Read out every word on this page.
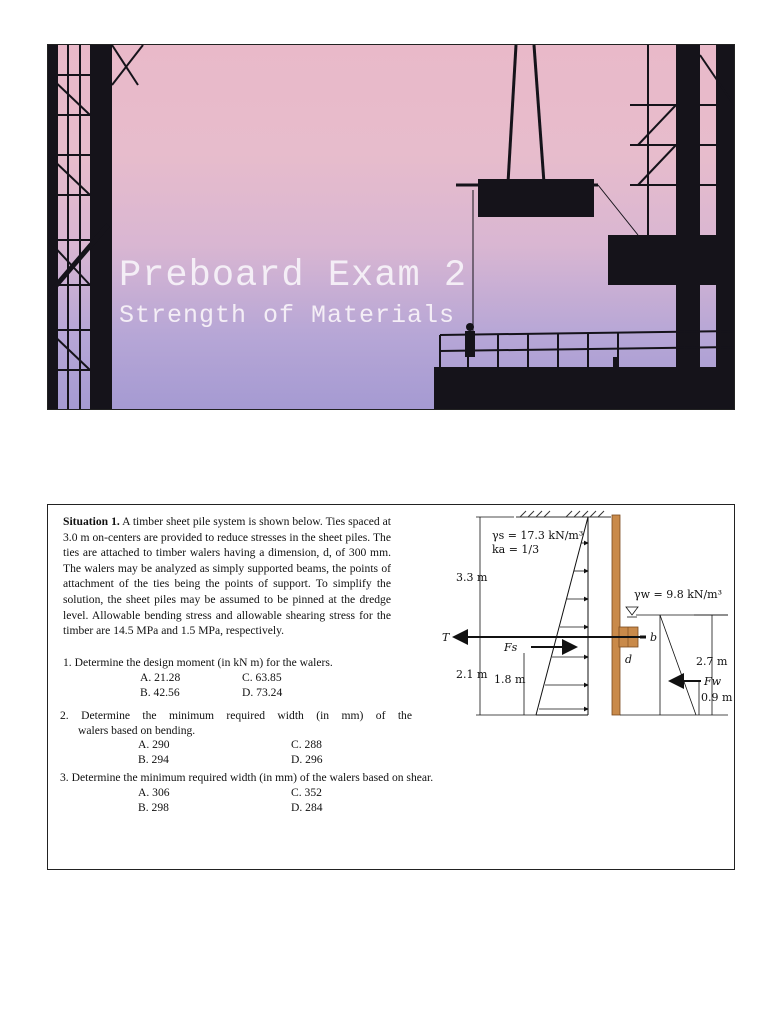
Preboard Exam 2
Strength of Materials
Situation 1. A timber sheet pile system is shown below. Ties spaced at 3.0 m on-centers are provided to reduce stresses in the sheet piles. The ties are attached to timber walers having a dimension, d, of 300 mm. The walers may be analyzed as simply supported beams, the points of attachment of the ties being the points of support. To simplify the solution, the sheet piles may be assumed to be pinned at the dredge level. Allowable bending stress and allowable shearing stress for the timber are 14.5 MPa and 1.5 MPa, respectively.
1. Determine the design moment (in kN m) for the walers.
A. 21.28	C. 63.85
B. 42.56	D. 73.24
2. Determine the minimum required width (in mm) of the
walers based on bending.
A. 290	C. 288
B. 294	D. 296
3. Determine the minimum required width (in mm) of the walers based on shear.
A. 306	C. 352
B. 298	D. 284
3.3 m
2.1 m 1.8 m
γs = 17.3 kN/m³
ka = 1/3
d
b
T
Fs
γw = 9.8 kN/m³
Fw
0.9 m
2.7 m
